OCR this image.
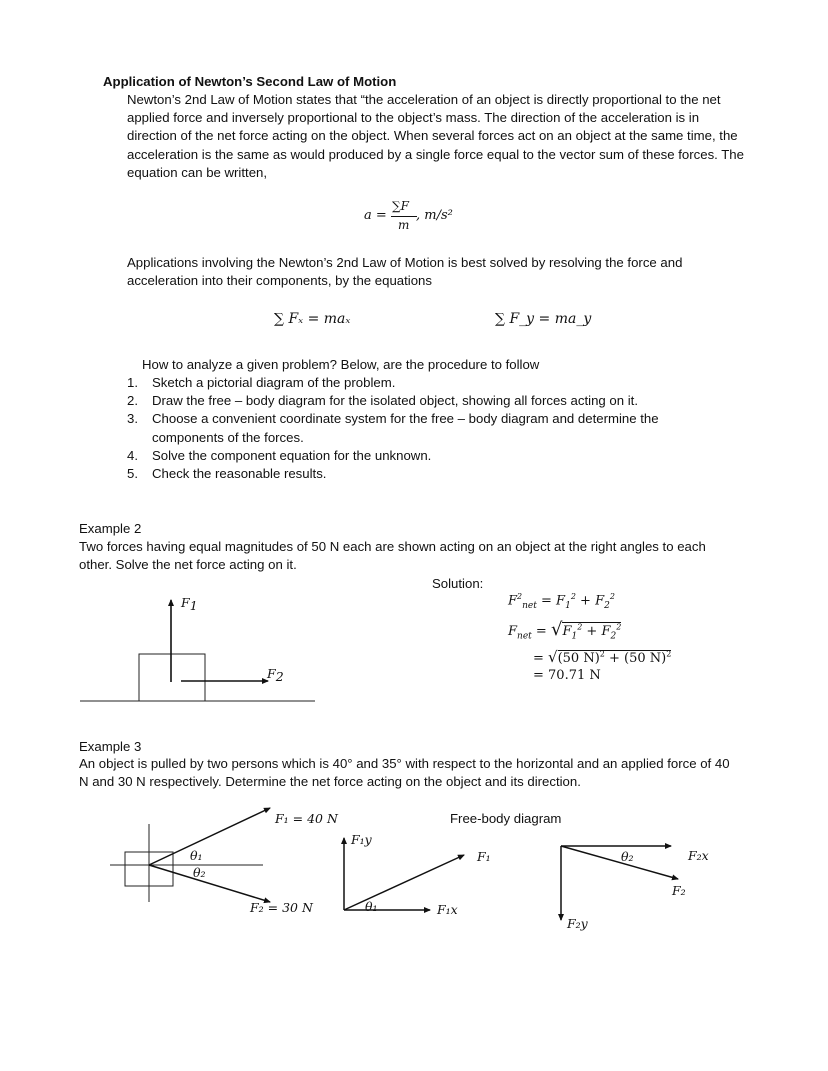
Application of Newton’s Second Law of Motion
Newton’s 2nd Law of Motion states that “the acceleration of an object is directly proportional to the net applied force and inversely proportional to the object’s mass. The direction of the acceleration is in direction of the net force acting on the object. When several forces act on an object at the same time, the acceleration is the same as would produced by a single force equal to the vector sum of these forces. The equation can be written,
a =
∑F
m
, m/s²
Applications involving the Newton’s 2nd Law of Motion is best solved by resolving the force and acceleration into their components, by the equations
∑ Fₓ = maₓ	∑ F_y = ma_y
How to analyze a given problem? Below, are the procedure to follow
1. Sketch a pictorial diagram of the problem.
2. Draw the free – body diagram for the isolated object, showing all forces acting on it.
3. Choose a convenient coordinate system for the free – body diagram and determine the components of the forces.
4. Solve the component equation for the unknown.
5. Check the reasonable results.
Example 2
Two forces having equal magnitudes of 50 N each are shown acting on an object at the right angles to each other. Solve the net force acting on it.
Solution:
F1
F2
$F^2_{net} = F_1^2 + F_2^2$
$F_{net} = √F_1^2 + F_2^2$
= √(50 N)$^2$ + (50 N)$^2$
= 70.71 N
Example 3
An object is pulled by two persons which is 40° and 35° with respect to the horizontal and an applied force of 40 N and 30 N respectively. Determine the net force acting on the object and its direction.
Free-body diagram
F₁ = 40 N
F₂ = 30 N
θ₁
θ₂
F₁y
F₁x
F₁
θ₁
F₂x
F₂y
F₂
θ₂
